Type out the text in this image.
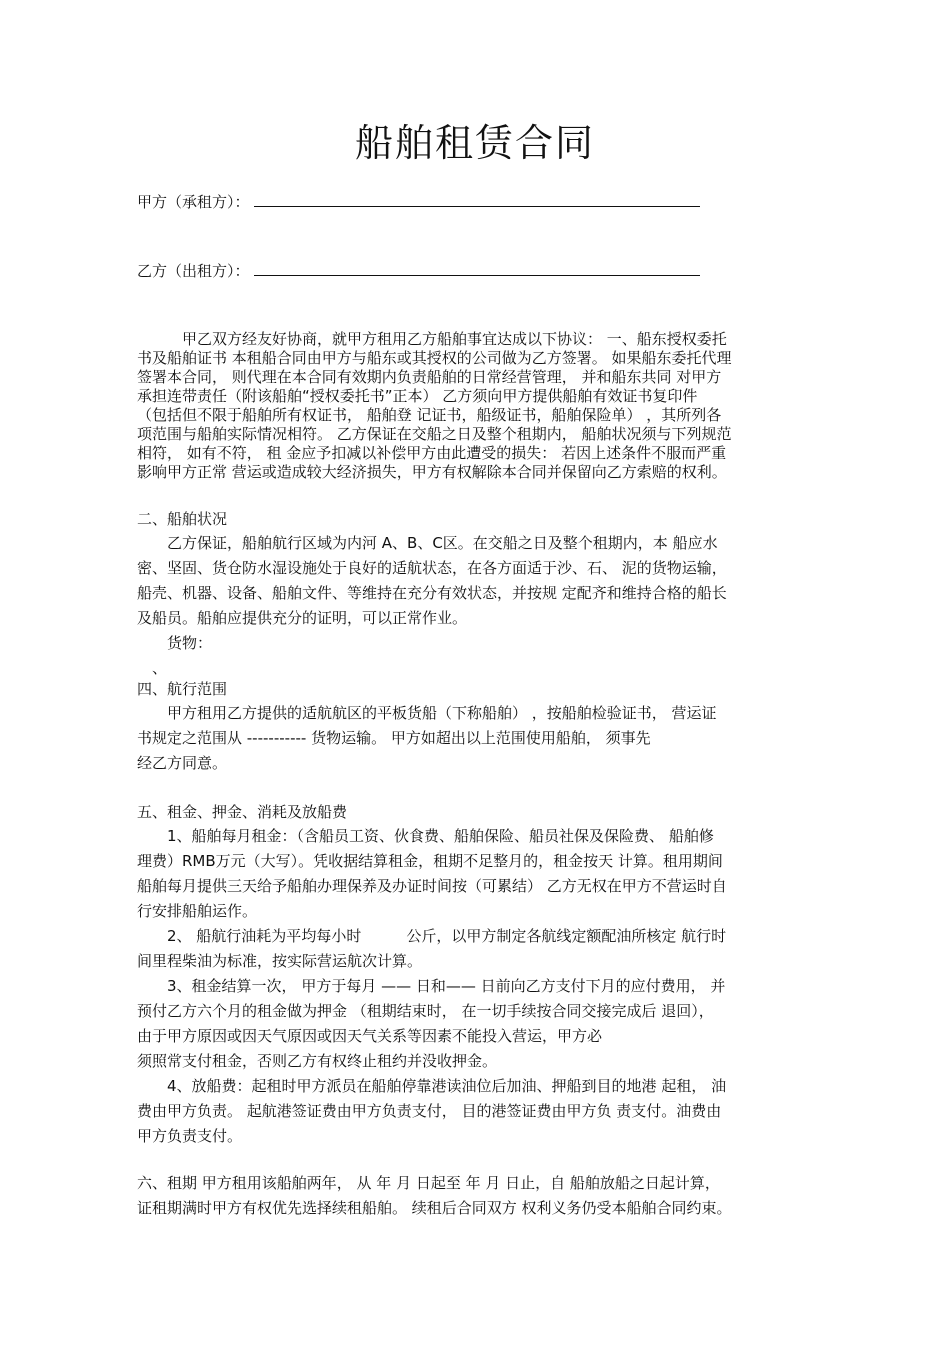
船舶租赁合同
甲方（承租方）：
乙方（出租方）：
　　　甲乙双方经友好协商，就甲方租用乙方船舶事宜达成以下协议： 一、船东授权委托
书及船舶证书 本租船合同由甲方与船东或其授权的公司做为乙方签署。 如果船东委托代理
签署本合同， 则代理在本合同有效期内负责船舶的日常经营管理， 并和船东共同 对甲方
承担连带责任（附该船舶“授权委托书”正本） 乙方须向甲方提供船舶有效证书复印件
（包括但不限于船舶所有权证书， 船舶登 记证书，船级证书，船舶保险单） ，其所列各
项范围与船舶实际情况相符。 乙方保证在交船之日及整个租期内， 船舶状况须与下列规范
相符， 如有不符， 租 金应予扣减以补偿甲方由此遭受的损失： 若因上述条件不服而严重
影响甲方正常 营运或造成较大经济损失，甲方有权解除本合同并保留向乙方索赔的权利。
二、船舶状况
　　乙方保证，船舶航行区域为内河 A、B、C区。在交船之日及整个租期内，本 船应水
密、坚固、货仓防水湿设施处于良好的适航状态，在各方面适于沙、石、 泥的货物运输，
船壳、机器、设备、船舶文件、等维持在充分有效状态，并按规 定配齐和维持合格的船长
及船员。船舶应提供充分的证明，可以正常作业。
　　货物：
　、
四、航行范围
　　甲方租用乙方提供的适航航区的平板货船（下称船舶） ，按船舶检验证书， 营运证
书规定之范围从 ----------- 货物运输。 甲方如超出以上范围使用船舶， 须事先
经乙方同意。
五、租金、押金、消耗及放船费
　　1、船舶每月租金：（含船员工资、伙食费、船舶保险、船员社保及保险费、 船舶修
理费）RMB万元（大写）。凭收据结算租金，租期不足整月的，租金按天 计算。租用期间
船舶每月提供三天给予船舶办理保养及办证时间按（可累结） 乙方无权在甲方不营运时自
行安排船舶运作。
　　2、 船航行油耗为平均每小时　　　公斤，以甲方制定各航线定额配油所核定 航行时
间里程柴油为标准，按实际营运航次计算。
　　3、租金结算一次， 甲方于每月 —— 日和—— 日前向乙方支付下月的应付费用， 并
预付乙方六个月的租金做为押金 （租期结束时， 在一切手续按合同交接完成后 退回），
由于甲方原因或因天气原因或因天气关系等因素不能投入营运，甲方必
须照常支付租金，否则乙方有权终止租约并没收押金。
　　4、放船费：起租时甲方派员在船舶停靠港读油位后加油、押船到目的地港 起租， 油
费由甲方负责。 起航港签证费由甲方负责支付， 目的港签证费由甲方负 责支付。油费由
甲方负责支付。
六、租期 甲方租用该船舶两年， 从 年 月 日起至 年 月 日止，自 船舶放船之日起计算，
证租期满时甲方有权优先选择续租船舶。 续租后合同双方 权利义务仍受本船舶合同约束。
